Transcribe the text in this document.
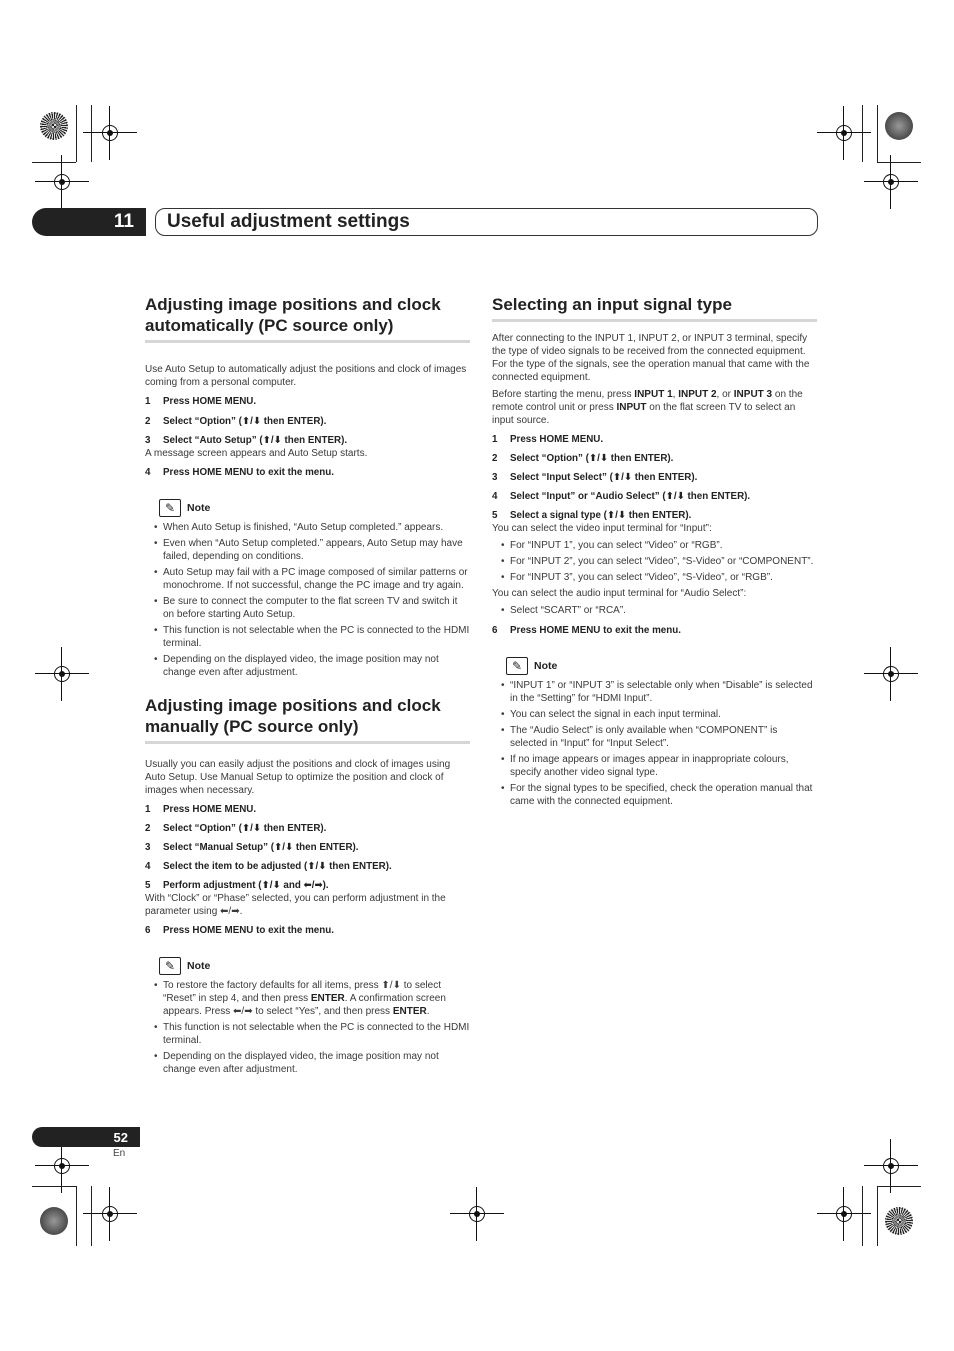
11	Useful adjustment settings
Adjusting image positions and clock
automatically (PC source only)

Use Auto Setup to automatically adjust the positions and clock of images coming from a personal computer.

1 Press HOME MENU.
2 Select “Option” (⬆/⬇ then ENTER).
3 Select “Auto Setup” (⬆/⬇ then ENTER).

A message screen appears and Auto Setup starts.

4 Press HOME MENU to exit the menu.
✎	Note
• When Auto Setup is finished, “Auto Setup completed.” appears.
• Even when “Auto Setup completed.” appears, Auto Setup may have failed, depending on conditions.
• Auto Setup may fail with a PC image composed of similar patterns or monochrome. If not successful, change the PC image and try again.
• Be sure to connect the computer to the flat screen TV and switch it on before starting Auto Setup.
• This function is not selectable when the PC is connected to the HDMI terminal.
• Depending on the displayed video, the image position may not change even after adjustment.
Adjusting image positions and clock
manually (PC source only)

Usually you can easily adjust the positions and clock of images using Auto Setup. Use Manual Setup to optimize the position and clock of images when necessary.

1 Press HOME MENU.
2 Select “Option” (⬆/⬇ then ENTER).
3 Select “Manual Setup” (⬆/⬇ then ENTER).
4 Select the item to be adjusted (⬆/⬇ then ENTER).
5 Perform adjustment (⬆/⬇ and ⬅/➡).

With “Clock” or “Phase” selected, you can perform adjustment in the parameter using ⬅/➡.

6 Press HOME MENU to exit the menu.
✎	Note
• To restore the factory defaults for all items, press ⬆/⬇ to select “Reset” in step 4, and then press ENTER. A confirmation screen appears. Press ⬅/➡ to select “Yes”, and then press ENTER.
• This function is not selectable when the PC is connected to the HDMI terminal.
• Depending on the displayed video, the image position may not change even after adjustment.
Selecting an input signal type

After connecting to the INPUT 1, INPUT 2, or INPUT 3 terminal, specify the type of video signals to be received from the connected equipment. For the type of the signals, see the operation manual that came with the connected equipment.

Before starting the menu, press INPUT 1, INPUT 2, or INPUT 3 on the remote control unit or press INPUT on the flat screen TV to select an input source.

1 Press HOME MENU.
2 Select “Option” (⬆/⬇ then ENTER).
3 Select “Input Select” (⬆/⬇ then ENTER).
4 Select “Input” or “Audio Select” (⬆/⬇ then ENTER).
5 Select a signal type (⬆/⬇ then ENTER).

You can select the video input terminal for “Input”:

• For “INPUT 1”, you can select “Video” or “RGB”.
• For “INPUT 2”, you can select “Video”, “S-Video” or “COMPONENT”.
• For “INPUT 3”, you can select “Video”, “S-Video”, or “RGB”.

You can select the audio input terminal for “Audio Select”:

• Select “SCART” or “RCA”.
6 Press HOME MENU to exit the menu.
✎	Note
• “INPUT 1” or “INPUT 3” is selectable only when “Disable” is selected in the “Setting” for “HDMI Input”.
• You can select the signal in each input terminal.
• The “Audio Select” is only available when “COMPONENT” is selected in “Input” for “Input Select”.
• If no image appears or images appear in inappropriate colours, specify another video signal type.
• For the signal types to be specified, check the operation manual that came with the connected equipment.
52
En
